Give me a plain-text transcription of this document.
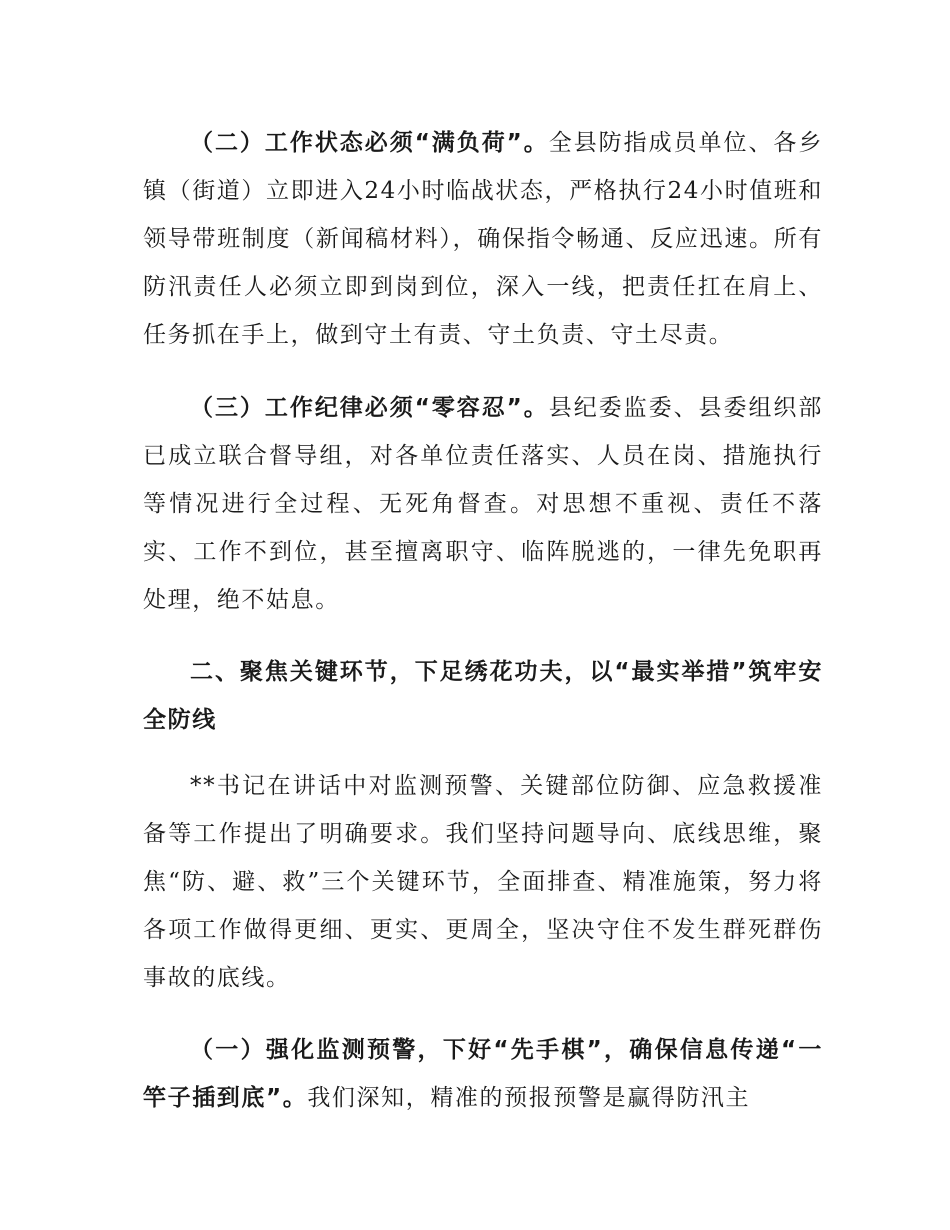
（二）工作状态必须“满负荷”。全县防指成员单位、各乡镇（街道）立即进入24小时临战状态，严格执行24小时值班和领导带班制度（新闻稿材料），确保指令畅通、反应迅速。所有防汛责任人必须立即到岗到位，深入一线，把责任扛在肩上、任务抓在手上，做到守土有责、守土负责、守土尽责。

（三）工作纪律必须“零容忍”。县纪委监委、县委组织部已成立联合督导组，对各单位责任落实、人员在岗、措施执行等情况进行全过程、无死角督查。对思想不重视、责任不落实、工作不到位，甚至擅离职守、临阵脱逃的，一律先免职再处理，绝不姑息。

二、聚焦关键环节，下足绣花功夫，以“最实举措”筑牢安全防线

**书记在讲话中对监测预警、关键部位防御、应急救援准备等工作提出了明确要求。我们坚持问题导向、底线思维，聚焦“防、避、救”三个关键环节，全面排查、精准施策，努力将各项工作做得更细、更实、更周全，坚决守住不发生群死群伤事故的底线。

（一）强化监测预警，下好“先手棋”，确保信息传递“一竿子插到底”。我们深知，精准的预报预警是赢得防汛主
